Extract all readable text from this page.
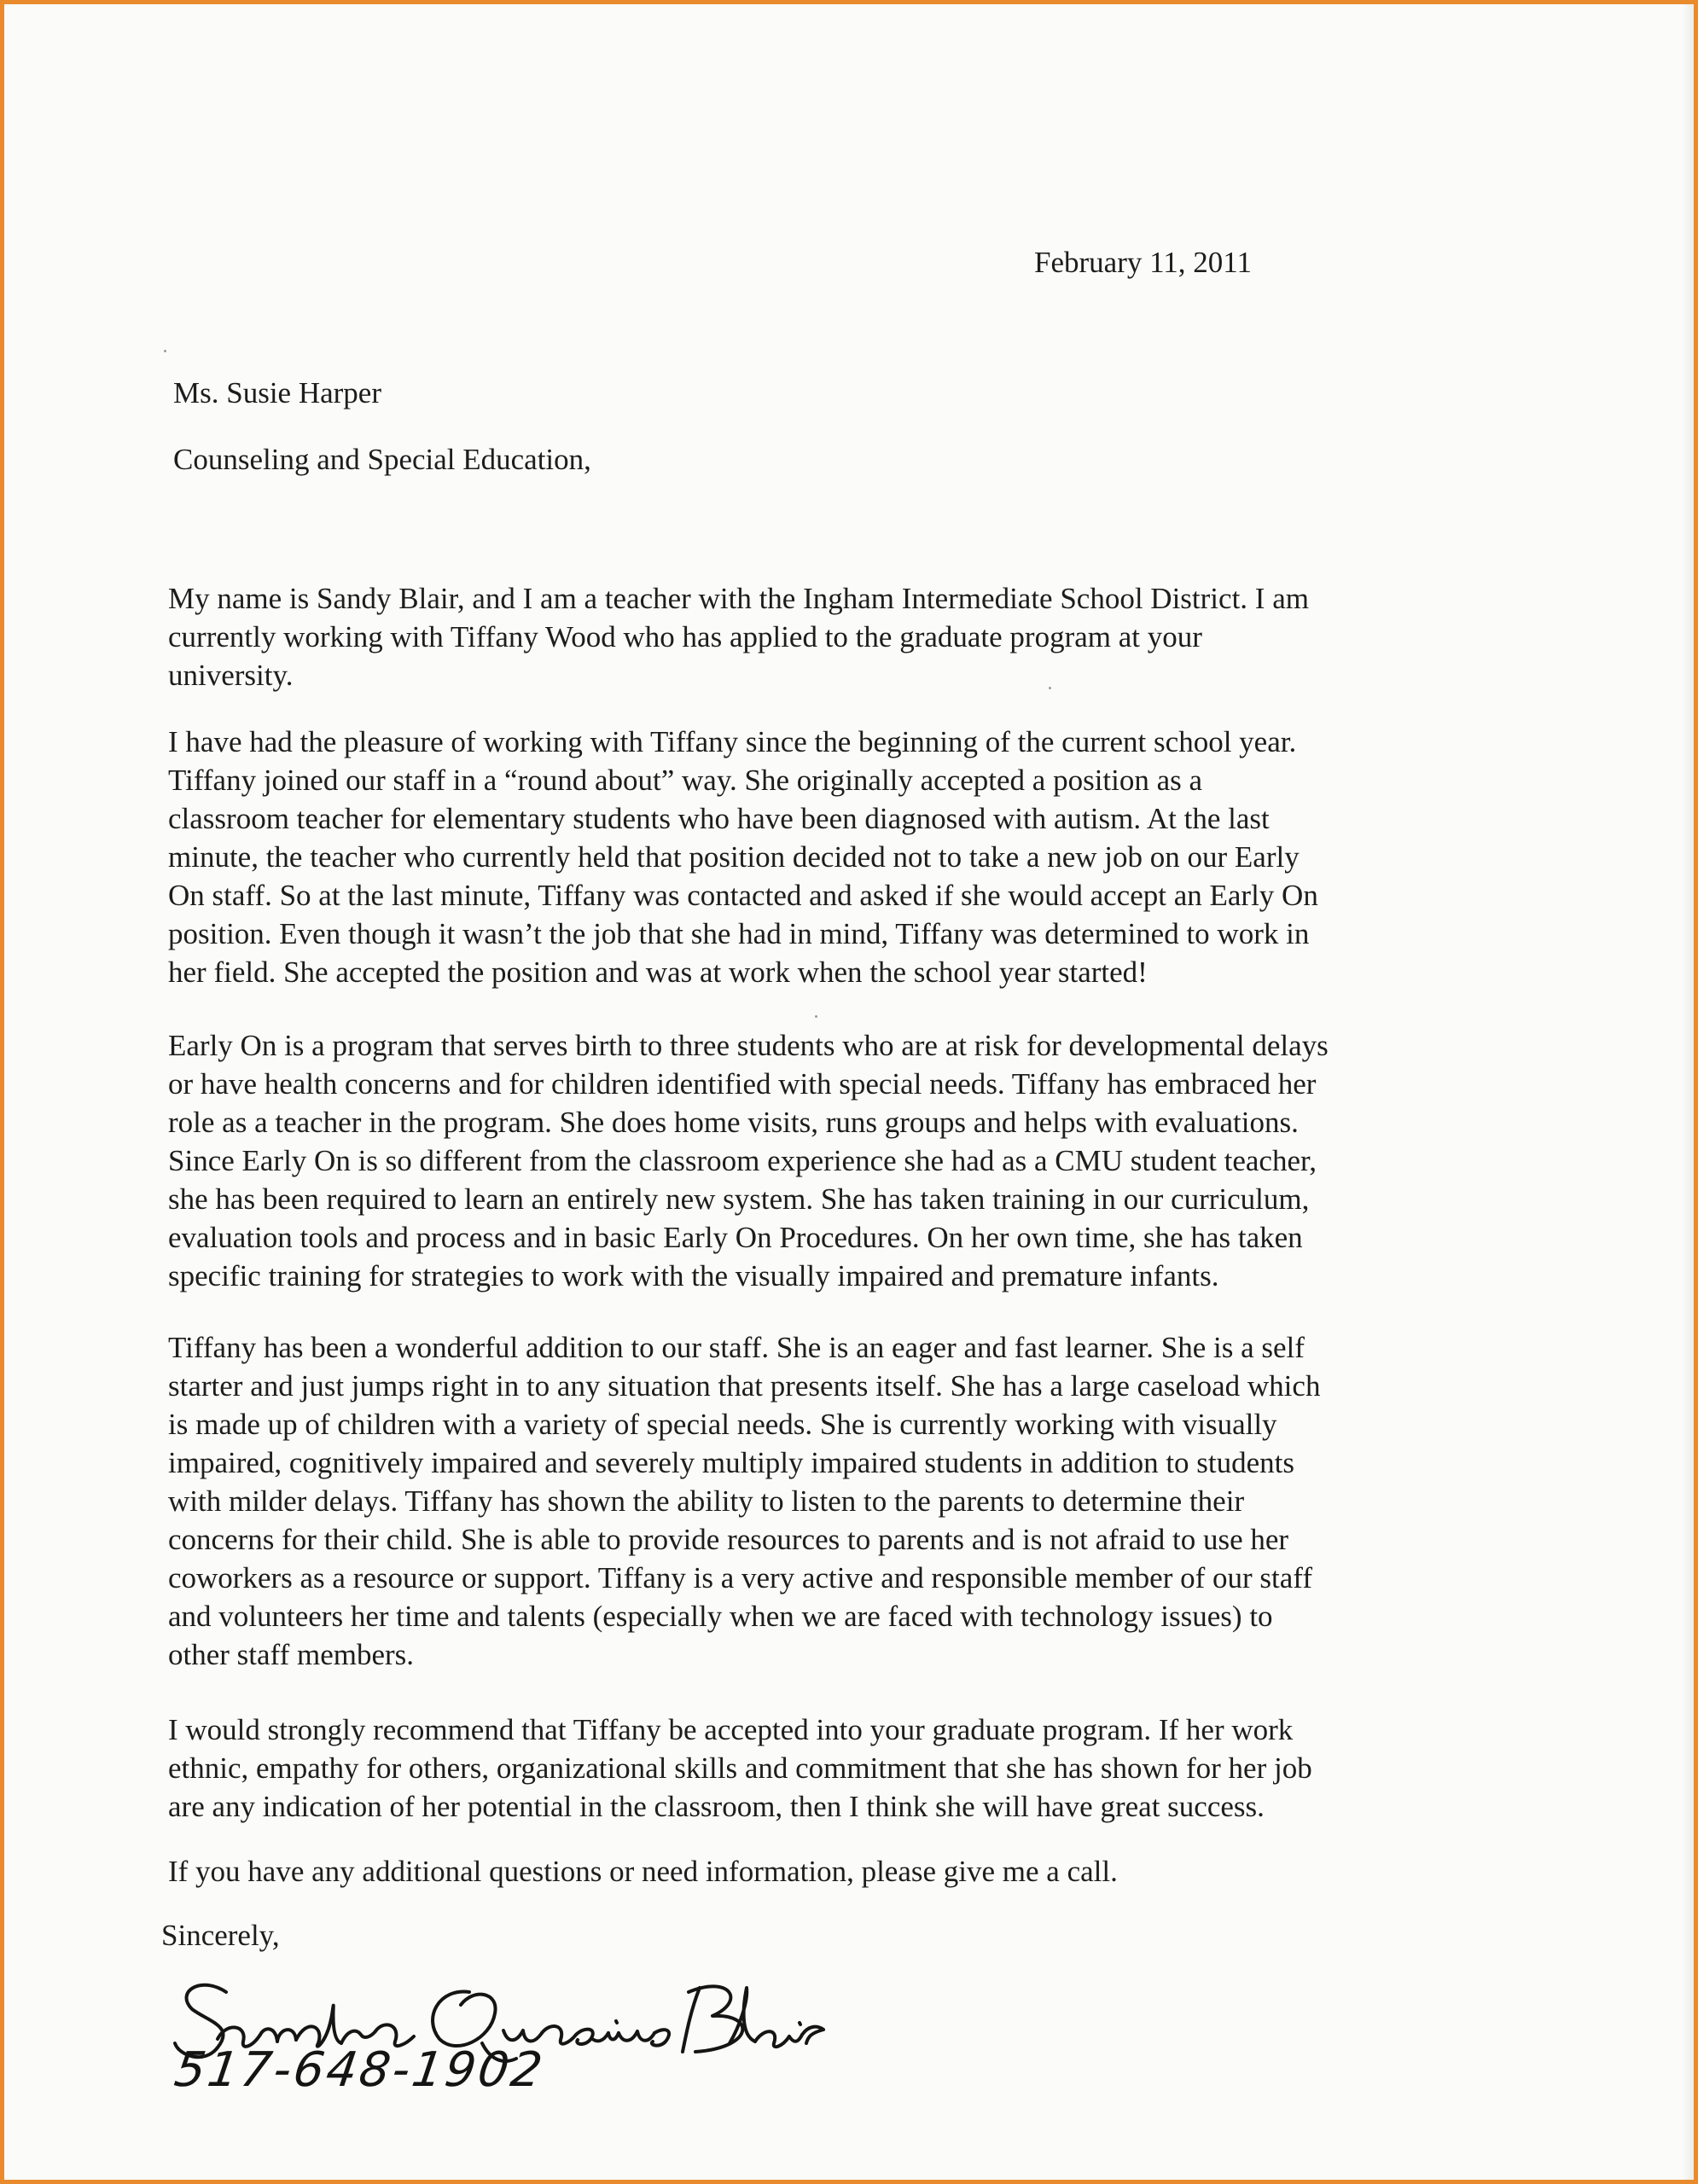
February 11, 2011
Ms. Susie Harper
Counseling and Special Education,
My name is Sandy Blair, and I am a teacher with the Ingham Intermediate School District. I am
currently working with Tiffany Wood who has applied to the graduate program at your
university.
I have had the pleasure of working with Tiffany since the beginning of the current school year.
Tiffany joined our staff in a “round about” way. She originally accepted a position as a
classroom teacher for elementary students who have been diagnosed with autism. At the last
minute, the teacher who currently held that position decided not to take a new job on our Early
On staff. So at the last minute, Tiffany was contacted and asked if she would accept an Early On
position. Even though it wasn’t the job that she had in mind, Tiffany was determined to work in
her field. She accepted the position and was at work when the school year started!
Early On is a program that serves birth to three students who are at risk for developmental delays
or have health concerns and for children identified with special needs. Tiffany has embraced her
role as a teacher in the program. She does home visits, runs groups and helps with evaluations.
Since Early On is so different from the classroom experience she had as a CMU student teacher,
she has been required to learn an entirely new system. She has taken training in our curriculum,
evaluation tools and process and in basic Early On Procedures. On her own time, she has taken
specific training for strategies to work with the visually impaired and premature infants.
Tiffany has been a wonderful addition to our staff. She is an eager and fast learner. She is a self
starter and just jumps right in to any situation that presents itself. She has a large caseload which
is made up of children with a variety of special needs. She is currently working with visually
impaired, cognitively impaired and severely multiply impaired students in addition to students
with milder delays. Tiffany has shown the ability to listen to the parents to determine their
concerns for their child. She is able to provide resources to parents and is not afraid to use her
coworkers as a resource or support. Tiffany is a very active and responsible member of our staff
and volunteers her time and talents (especially when we are faced with technology issues) to
other staff members.
I would strongly recommend that Tiffany be accepted into your graduate program. If her work
ethnic, empathy for others, organizational skills and commitment that she has shown for her job
are any indication of her potential in the classroom, then I think she will have great success.
If you have any additional questions or need information, please give me a call.
Sincerely,
517-648-1902
